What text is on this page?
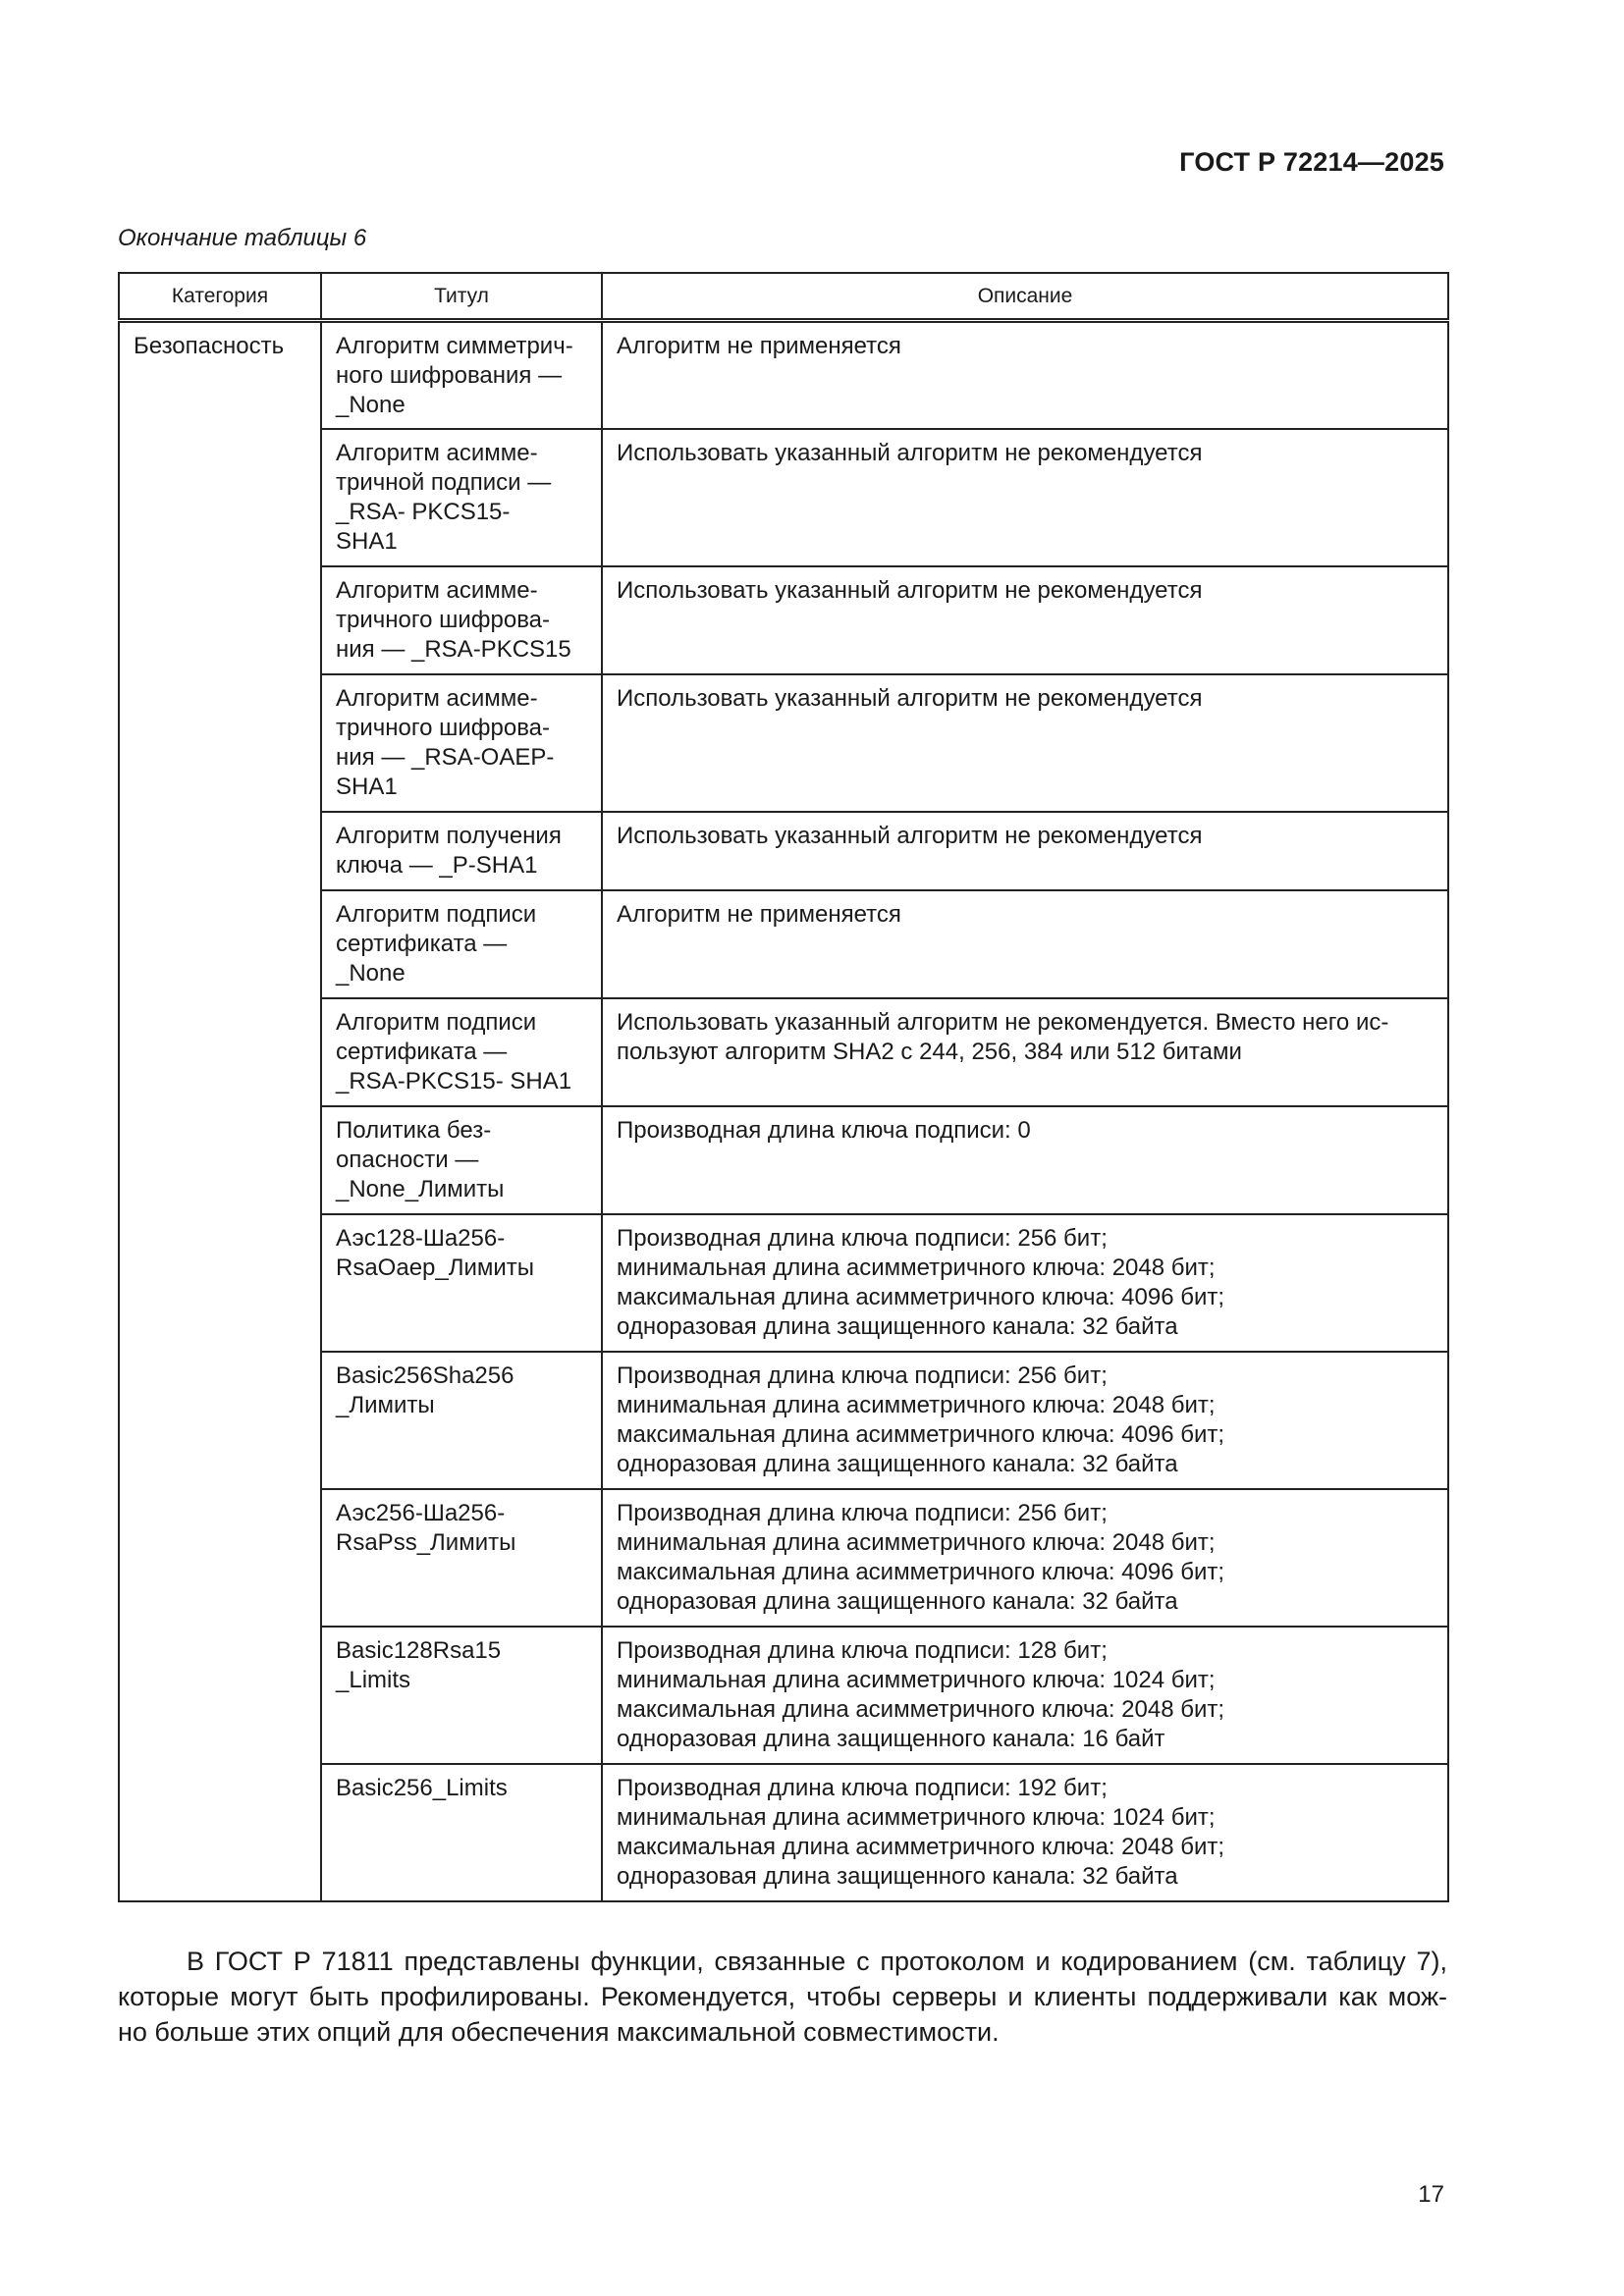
ГОСТ Р 72214—2025
Окончание таблицы 6
Категория	Титул	Описание
Безопасность	Алгоритм симметрич-
ного шифрования —
_None	Алгоритм не применяется
	Алгоритм асимме-
тричной подписи —
_RSA- PKCS15-
SHA1	Использовать указанный алгоритм не рекомендуется
	Алгоритм асимме-
тричного шифрова-
ния — _RSA-PKCS15	Использовать указанный алгоритм не рекомендуется
	Алгоритм асимме-
тричного шифрова-
ния — _RSA-OAEP-
SHA1	Использовать указанный алгоритм не рекомендуется
	Алгоритм получения
ключа — _P-SHA1	Использовать указанный алгоритм не рекомендуется
	Алгоритм подписи
сертификата —
_None	Алгоритм не применяется
	Алгоритм подписи
сертификата —
_RSA-PKCS15- SHA1	Использовать указанный алгоритм не рекомендуется. Вместо него ис-
пользуют алгоритм SHA2 с 244, 256, 384 или 512 битами
	Политика без-
опасности —
_None_Лимиты	Производная длина ключа подписи: 0
	Аэс128-Ша256-
RsaОаep_Лимиты	Производная длина ключа подписи: 256 бит;
минимальная длина асимметричного ключа: 2048 бит;
максимальная длина асимметричного ключа: 4096 бит;
одноразовая длина защищенного канала: 32 байта
	Basic256Sha256
_Лимиты	Производная длина ключа подписи: 256 бит;
минимальная длина асимметричного ключа: 2048 бит;
максимальная длина асимметричного ключа: 4096 бит;
одноразовая длина защищенного канала: 32 байта
	Аэс256-Ша256-
RsaPss_Лимиты	Производная длина ключа подписи: 256 бит;
минимальная длина асимметричного ключа: 2048 бит;
максимальная длина асимметричного ключа: 4096 бит;
одноразовая длина защищенного канала: 32 байта
	Basic128Rsa15
_Limits	Производная длина ключа подписи: 128 бит;
минимальная длина асимметричного ключа: 1024 бит;
максимальная длина асимметричного ключа: 2048 бит;
одноразовая длина защищенного канала: 16 байт
	Basic256_Limits	Производная длина ключа подписи: 192 бит;
минимальная длина асимметричного ключа: 1024 бит;
максимальная длина асимметричного ключа: 2048 бит;
одноразовая длина защищенного канала: 32 байта

В ГОСТ Р 71811 представлены функции, связанные с протоколом и кодированием (см. таблицу 7),
которые могут быть профилированы. Рекомендуется, чтобы серверы и клиенты поддерживали как мож-
но больше этих опций для обеспечения максимальной совместимости.

17
